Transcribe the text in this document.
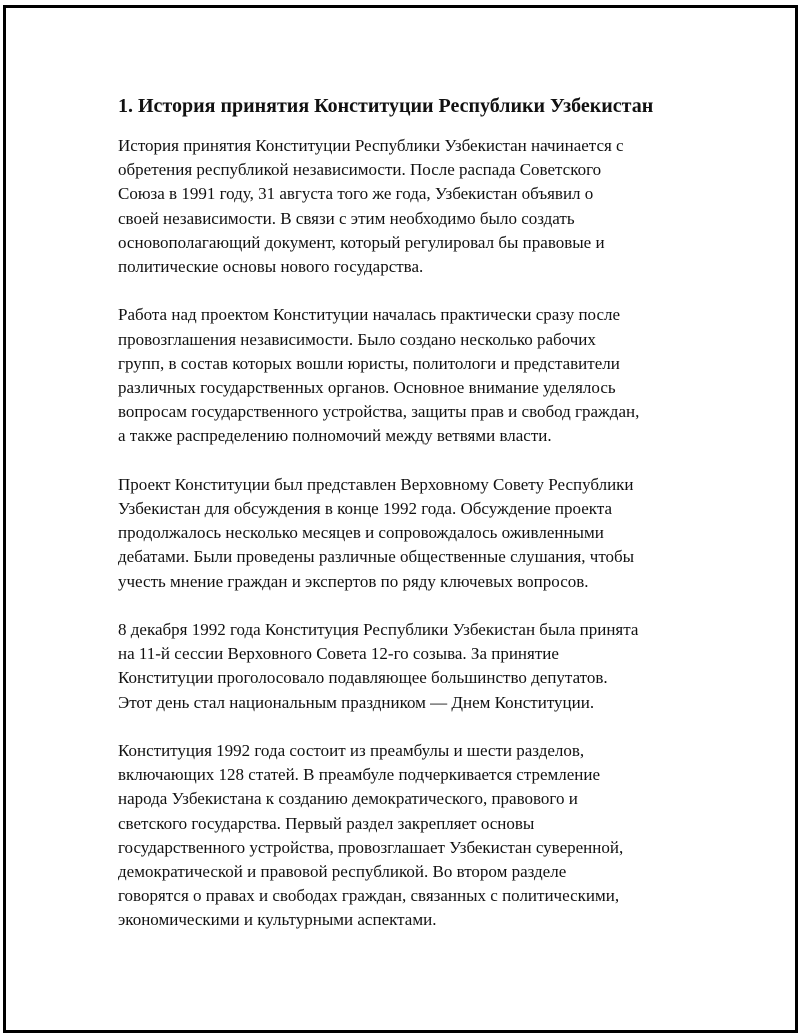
1. История принятия Конституции Республики Узбекистан

История принятия Конституции Республики Узбекистан начинается с
обретения республикой независимости. После распада Советского
Союза в 1991 году, 31 августа того же года, Узбекистан объявил о
своей независимости. В связи с этим необходимо было создать
основополагающий документ, который регулировал бы правовые и
политические основы нового государства.

Работа над проектом Конституции началась практически сразу после
провозглашения независимости. Было создано несколько рабочих
групп, в состав которых вошли юристы, политологи и представители
различных государственных органов. Основное внимание уделялось
вопросам государственного устройства, защиты прав и свобод граждан,
а также распределению полномочий между ветвями власти.

Проект Конституции был представлен Верховному Совету Республики
Узбекистан для обсуждения в конце 1992 года. Обсуждение проекта
продолжалось несколько месяцев и сопровождалось оживленными
дебатами. Были проведены различные общественные слушания, чтобы
учесть мнение граждан и экспертов по ряду ключевых вопросов.

8 декабря 1992 года Конституция Республики Узбекистан была принята
на 11-й сессии Верховного Совета 12-го созыва. За принятие
Конституции проголосовало подавляющее большинство депутатов.
Этот день стал национальным праздником — Днем Конституции.

Конституция 1992 года состоит из преамбулы и шести разделов,
включающих 128 статей. В преамбуле подчеркивается стремление
народа Узбекистана к созданию демократического, правового и
светского государства. Первый раздел закрепляет основы
государственного устройства, провозглашает Узбекистан суверенной,
демократической и правовой республикой. Во втором разделе
говорятся о правах и свободах граждан, связанных с политическими,
экономическими и культурными аспектами.
